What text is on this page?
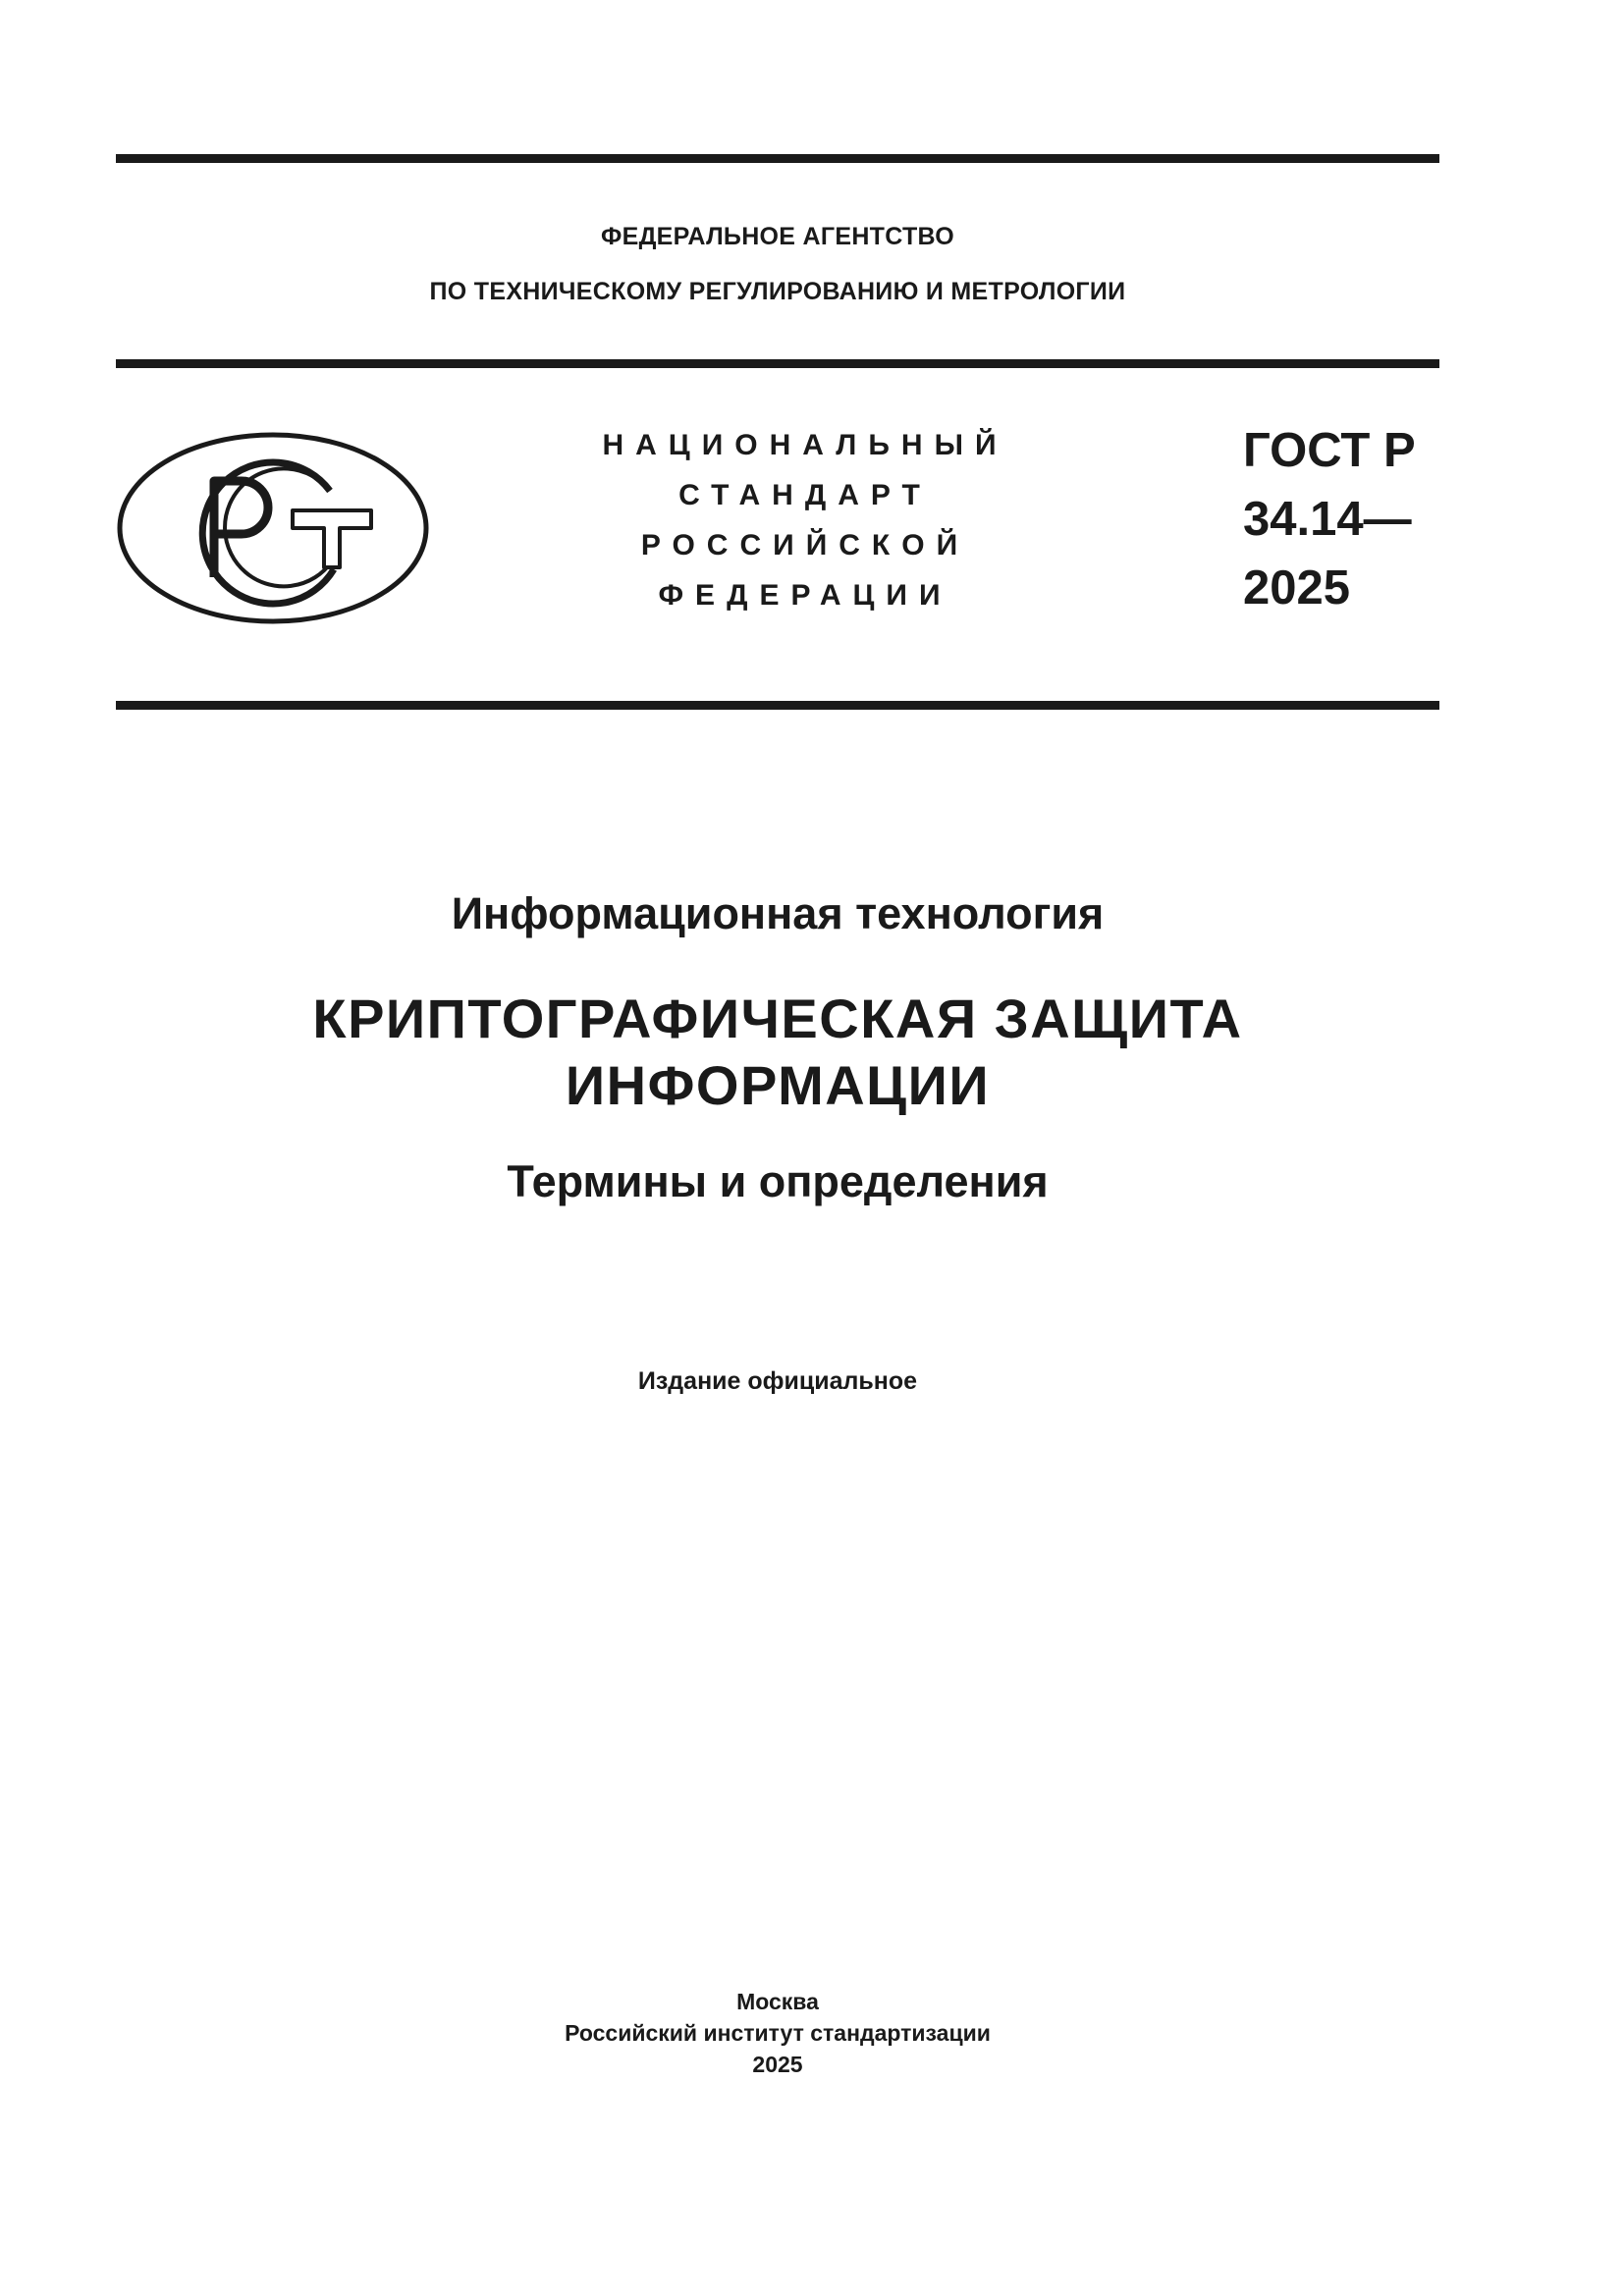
ФЕДЕРАЛЬНОЕ АГЕНТСТВО
ПО ТЕХНИЧЕСКОМУ РЕГУЛИРОВАНИЮ И МЕТРОЛОГИИ
НАЦИОНАЛЬНЫЙ
СТАНДАРТ
РОССИЙСКОЙ
ФЕДЕРАЦИИ
ГОСТ Р
34.14—
2025
Информационная технология
КРИПТОГРАФИЧЕСКАЯ ЗАЩИТА
ИНФОРМАЦИИ
Термины и определения
Издание официальное
Москва
Российский институт стандартизации
2025
